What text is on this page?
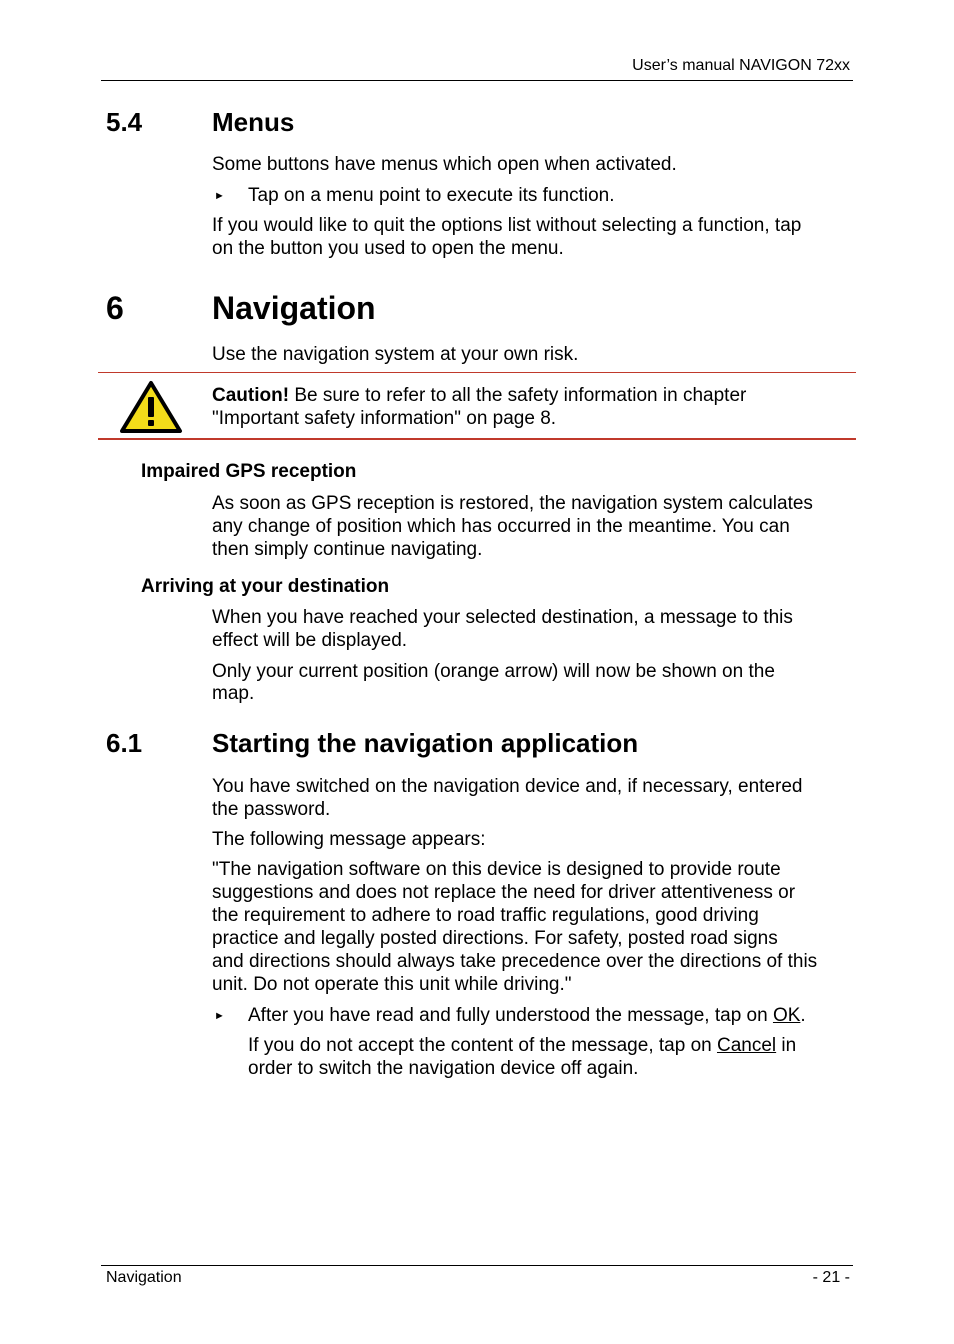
User’s manual NAVIGON 72xx
5.4	Menus
Some buttons have menus which open when activated.
► Tap on a menu point to execute its function.
If you would like to quit the options list without selecting a function, tap
on the button you used to open the menu.
6	Navigation
Use the navigation system at your own risk.
Caution! Be sure to refer to all the safety information in chapter
"Important safety information" on page 8.
Impaired GPS reception
As soon as GPS reception is restored, the navigation system calculates
any change of position which has occurred in the meantime. You can
then simply continue navigating.
Arriving at your destination
When you have reached your selected destination, a message to this
effect will be displayed.
Only your current position (orange arrow) will now be shown on the
map.
6.1	Starting the navigation application
You have switched on the navigation device and, if necessary, entered
the password.
The following message appears:
"The navigation software on this device is designed to provide route
suggestions and does not replace the need for driver attentiveness or
the requirement to adhere to road traffic regulations, good driving
practice and legally posted directions. For safety, posted road signs
and directions should always take precedence over the directions of this
unit. Do not operate this unit while driving."
► After you have read and fully understood the message, tap on OK.
If you do not accept the content of the message, tap on Cancel in
order to switch the navigation device off again.
Navigation	- 21 -
